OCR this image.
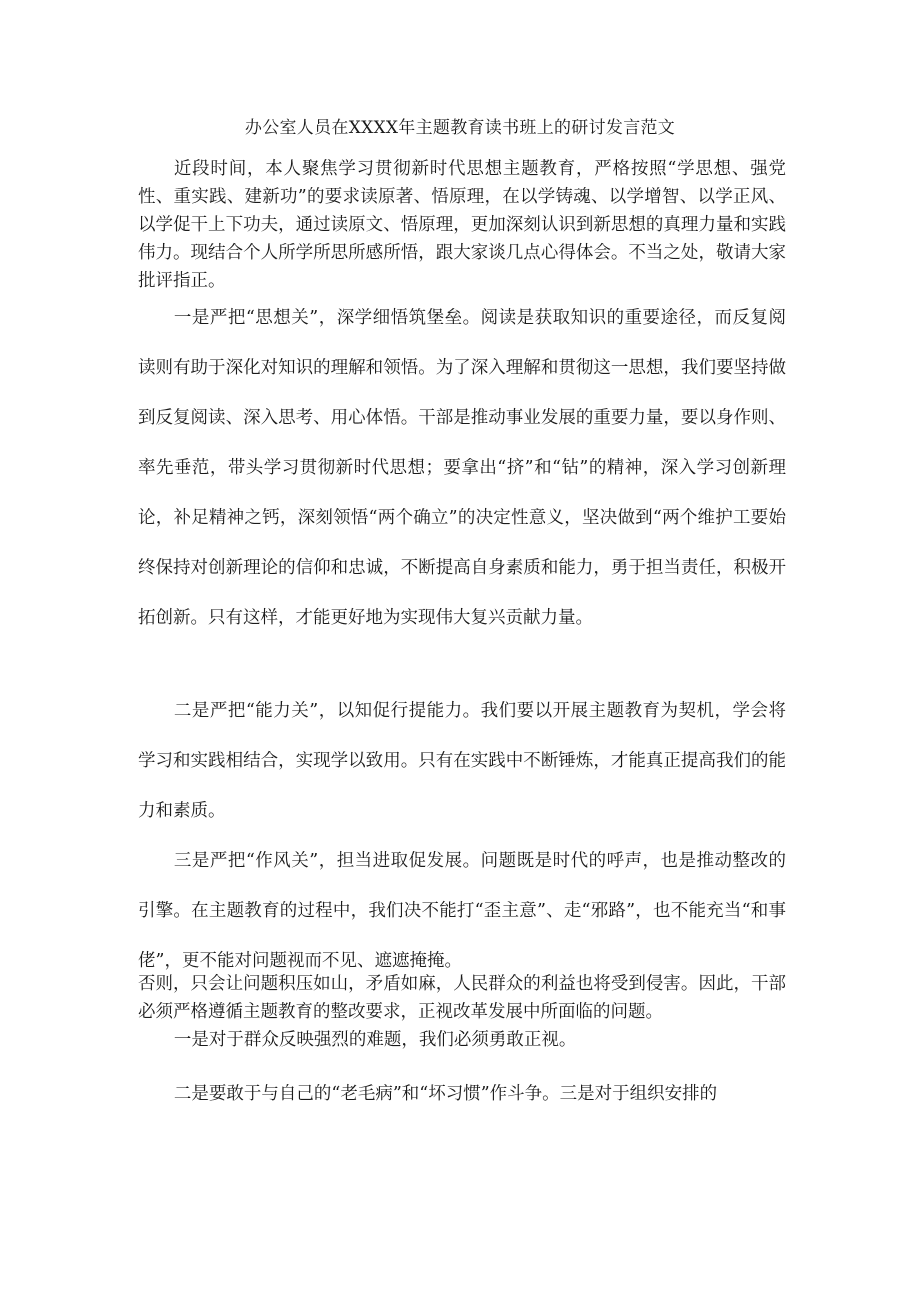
办公室人员在XXXX年主题教育读书班上的研讨发言范文

近段时间，本人聚焦学习贯彻新时代思想主题教育，严格按照“学思想、强党性、重实践、建新功”的要求读原著、悟原理，在以学铸魂、以学增智、以学正风、以学促干上下功夫，通过读原文、悟原理，更加深刻认识到新思想的真理力量和实践伟力。现结合个人所学所思所感所悟，跟大家谈几点心得体会。不当之处，敬请大家批评指正。

一是严把“思想关”，深学细悟筑堡垒。阅读是获取知识的重要途径，而反复阅读则有助于深化对知识的理解和领悟。为了深入理解和贯彻这一思想，我们要坚持做到反复阅读、深入思考、用心体悟。干部是推动事业发展的重要力量，要以身作则、率先垂范，带头学习贯彻新时代思想；要拿出“挤”和“钻”的精神，深入学习创新理论，补足精神之钙，深刻领悟“两个确立”的决定性意义，坚决做到“两个维护工要始终保持对创新理论的信仰和忠诚，不断提高自身素质和能力，勇于担当责任，积极开拓创新。只有这样，才能更好地为实现伟大复兴贡献力量。

二是严把“能力关”，以知促行提能力。我们要以开展主题教育为契机，学会将学习和实践相结合，实现学以致用。只有在实践中不断锤炼，才能真正提高我们的能力和素质。

三是严把“作风关”，担当进取促发展。问题既是时代的呼声，也是推动整改的引擎。在主题教育的过程中，我们决不能打“歪主意”、走“邪路”，也不能充当“和事佬”，更不能对问题视而不见、遮遮掩掩。

否则，只会让问题积压如山，矛盾如麻，人民群众的利益也将受到侵害。因此，干部必须严格遵循主题教育的整改要求，正视改革发展中所面临的问题。

一是对于群众反映强烈的难题，我们必须勇敢正视。

二是要敢于与自己的“老毛病”和“坏习惯”作斗争。三是对于组织安排的
